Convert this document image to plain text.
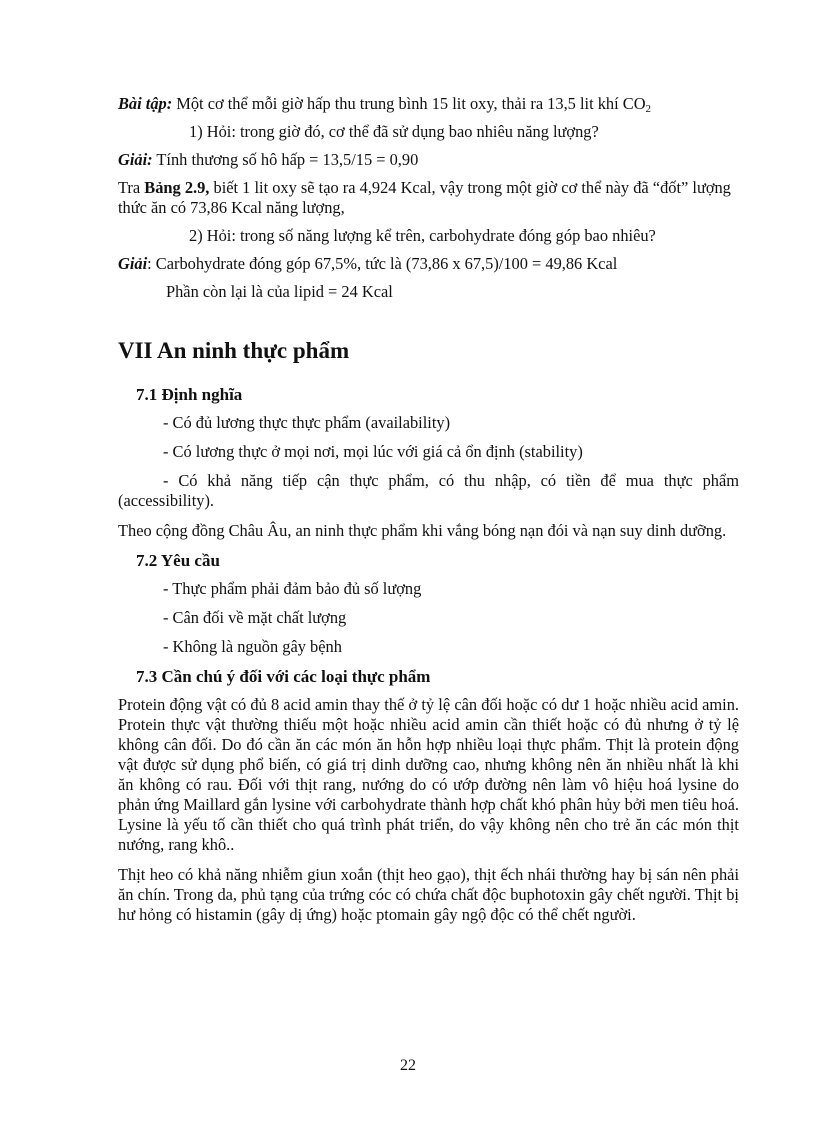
Bài tập: Một cơ thể mỗi giờ hấp thu trung bình 15 lit oxy, thải ra 13,5 lit khí $CO_2$

1) Hỏi: trong giờ đó, cơ thể đã sử dụng bao nhiêu năng lượng?

Giải: Tính thương số hô hấp = 13,5/15 = 0,90

Tra Bảng 2.9, biết 1 lit oxy sẽ tạo ra 4,924 Kcal, vậy trong một giờ cơ thể này đã “đốt” lượng thức ăn có 73,86 Kcal năng lượng,

2) Hỏi: trong số năng lượng kể trên, carbohydrate đóng góp bao nhiêu?

Giải: Carbohydrate đóng góp 67,5%, tức là (73,86 x 67,5)/100 = 49,86 Kcal

Phần còn lại là của lipid = 24 Kcal

VII An ninh thực phẩm
7.1 Định nghĩa

- Có đủ lương thực thực phẩm (availability)

- Có lương thực ở mọi nơi, mọi lúc với giá cả ổn định (stability)

- Có khả năng tiếp cận thực phẩm, có thu nhập, có tiền để mua thực phẩm (accessibility).

Theo cộng đồng Châu Âu, an ninh thực phẩm khi vắng bóng nạn đói và nạn suy dinh dưỡng.

7.2 Yêu cầu

- Thực phẩm phải đảm bảo đủ số lượng

- Cân đối về mặt chất lượng

- Không là nguồn gây bệnh

7.3 Cần chú ý đối với các loại thực phẩm

Protein động vật có đủ 8 acid amin thay thế ở tỷ lệ cân đối hoặc có dư 1 hoặc nhiều acid amin. Protein thực vật thường thiếu một hoặc nhiều acid amin cần thiết hoặc có đủ nhưng ở tỷ lệ không cân đối. Do đó cần ăn các món ăn hỗn hợp nhiều loại thực phẩm. Thịt là protein động vật được sử dụng phổ biến, có giá trị dinh dưỡng cao, nhưng không nên ăn nhiều nhất là khi ăn không có rau. Đối với thịt rang, nướng do có ướp đường nên làm vô hiệu hoá lysine do phản ứng Maillard gắn lysine với carbohydrate thành hợp chất khó phân hủy bởi men tiêu hoá. Lysine là yếu tố cần thiết cho quá trình phát triển, do vậy không nên cho trẻ ăn các món thịt nướng, rang khô..

Thịt heo có khả năng nhiễm giun xoắn (thịt heo gạo), thịt ếch nhái thường hay bị sán nên phải ăn chín. Trong da, phủ tạng của trứng cóc có chứa chất độc buphotoxin gây chết người. Thịt bị hư hỏng có histamin (gây dị ứng) hoặc ptomain gây ngộ độc có thể chết người.

22
